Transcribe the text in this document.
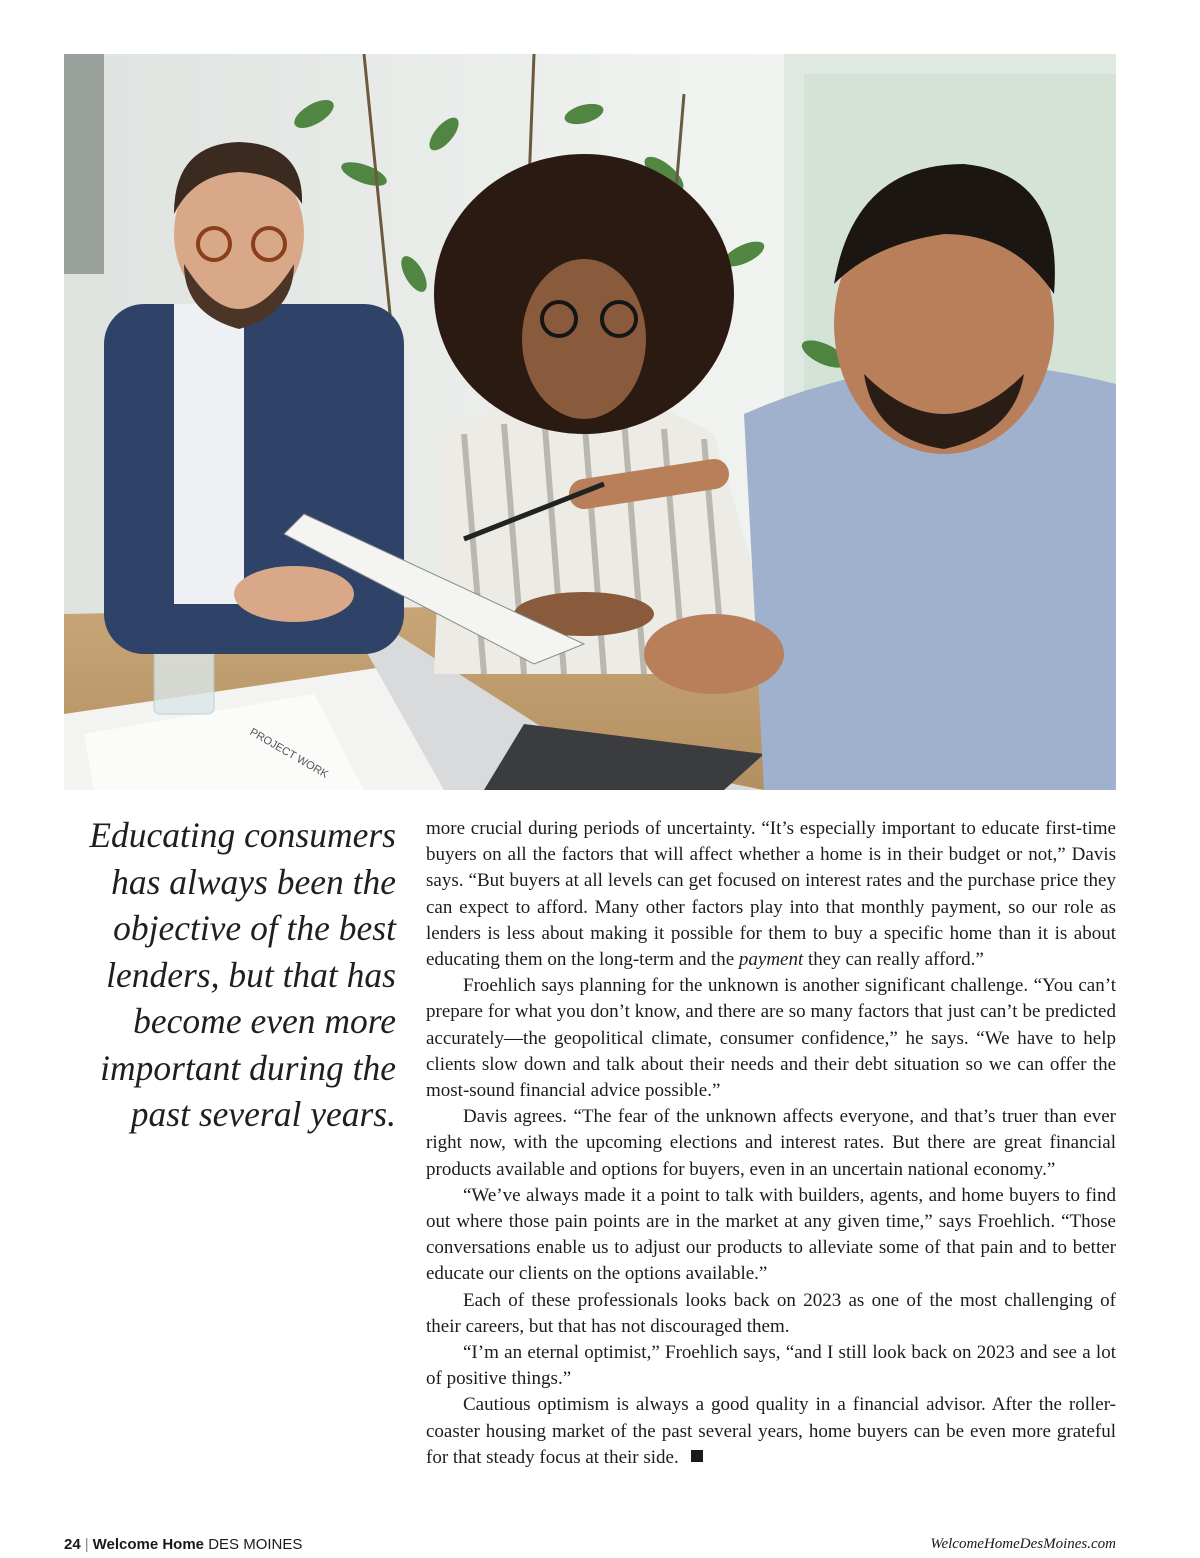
PROJECT WORK
Educating consumers
has always been the
objective of the best
lenders, but that has
become even more
important during the
past several years.

more crucial during periods of uncertainty. “It’s especially important to educate first-time buyers on all the factors that will affect whether a home is in their budget or not,” Davis says. “But buyers at all levels can get focused on interest rates and the purchase price they can expect to afford. Many other factors play into that monthly payment, so our role as lenders is less about making it possible for them to buy a specific home than it is about educating them on the long-term and the payment they can really afford.”

Froehlich says planning for the unknown is another significant challenge. “You can’t prepare for what you don’t know, and there are so many factors that just can’t be predicted accurately—the geopolitical climate, consumer confidence,” he says. “We have to help clients slow down and talk about their needs and their debt situation so we can offer the most-sound financial advice possible.”

Davis agrees. “The fear of the unknown affects everyone, and that’s truer than ever right now, with the upcoming elections and interest rates. But there are great financial products available and options for buyers, even in an uncertain national economy.”

“We’ve always made it a point to talk with builders, agents, and home buyers to find out where those pain points are in the market at any given time,” says Froehlich. “Those conversations enable us to adjust our products to alleviate some of that pain and to better educate our clients on the options available.”

Each of these professionals looks back on 2023 as one of the most challenging of their careers, but that has not discouraged them.

“I’m an eternal optimist,” Froehlich says, “and I still look back on 2023 and see a lot of positive things.”

Cautious optimism is always a good quality in a financial advisor. After the roller-coaster housing market of the past several years, home buyers can be even more grateful for that steady focus at their side.

24 | Welcome Home DES MOINES	WelcomeHomeDesMoines.com
